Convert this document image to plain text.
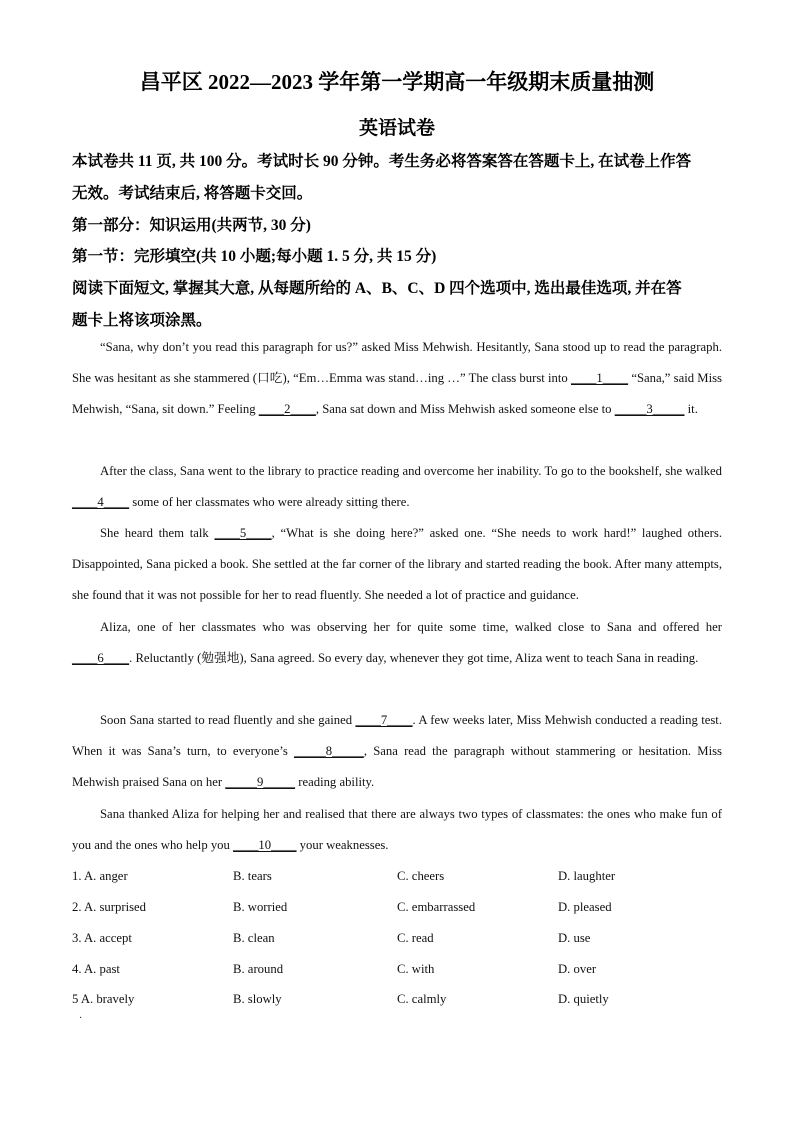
昌平区 2022—2023 学年第一学期高一年级期末质量抽测
英语试卷
本试卷共 11 页, 共 100 分。考试时长 90 分钟。考生务必将答案答在答题卡上, 在试卷上作答
无效。考试结束后, 将答题卡交回。
第一部分：知识运用(共两节, 30 分)
第一节：完形填空(共 10 小题;每小题 1. 5 分, 共 15 分)
阅读下面短文, 掌握其大意, 从每题所给的 A、B、C、D 四个选项中, 选出最佳选项, 并在答
题卡上将该项涂黑。
“Sana, why don’t you read this paragraph for us?” asked Miss Mehwish. Hesitantly, Sana stood up to read the paragraph. She was hesitant as she stammered (口吃), “Em…Emma was stand…ing …” The class burst into ____1____ “Sana,” said Miss Mehwish, “Sana, sit down.” Feeling ____2____, Sana sat down and Miss Mehwish asked someone else to _____3_____ it.
After the class, Sana went to the library to practice reading and overcome her inability. To go to the bookshelf, she walked ____4____ some of her classmates who were already sitting there.
She heard them talk ____5____, “What is she doing here?” asked one. “She needs to work hard!” laughed others. Disappointed, Sana picked a book. She settled at the far corner of the library and started reading the book. After many attempts, she found that it was not possible for her to read fluently. She needed a lot of practice and guidance.
Aliza, one of her classmates who was observing her for quite some time, walked close to Sana and offered her ____6____. Reluctantly (勉强地), Sana agreed. So every day, whenever they got time, Aliza went to teach Sana in reading.
Soon Sana started to read fluently and she gained ____7____. A few weeks later, Miss Mehwish conducted a reading test. When it was Sana’s turn, to everyone’s _____8_____, Sana read the paragraph without stammering or hesitation. Miss Mehwish praised Sana on her _____9_____ reading ability.
Sana thanked Aliza for helping her and realised that there are always two types of classmates: the ones who make fun of you and the ones who help you ____10____ your weaknesses.
1. A. anger	B. tears	C. cheers	D. laughter
2. A. surprised	B. worried	C. embarrassed	D. pleased
3. A. accept	B. clean	C. read	D. use
4. A. past	B. around	C. with	D. over
5 A. bravely	B. slowly	C. calmly	D. quietly
·
